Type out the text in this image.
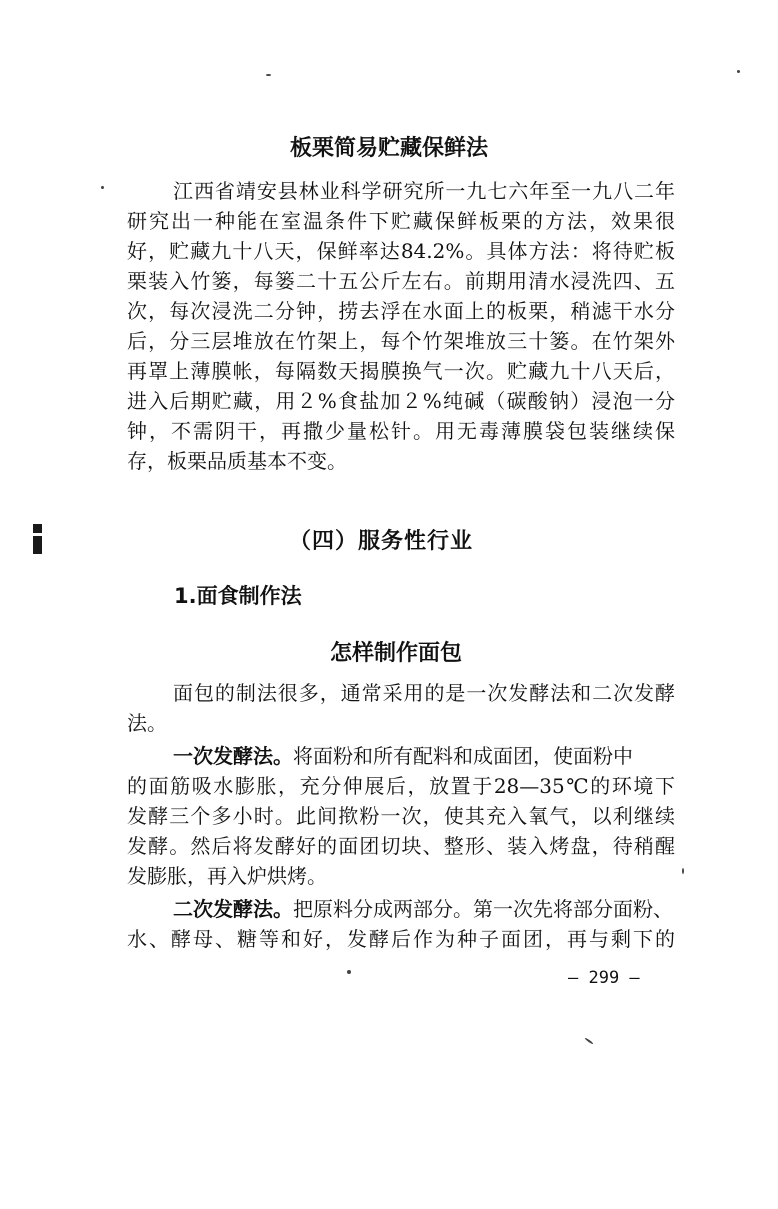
板栗简易贮藏保鲜法
江西省靖安县林业科学研究所一九七六年至一九八二年
研究出一种能在室温条件下贮藏保鲜板栗的方法，效果很
好，贮藏九十八天，保鲜率达84.2%。具体方法：将待贮板
栗装入竹篓，每篓二十五公斤左右。前期用清水浸洗四、五
次，每次浸洗二分钟，捞去浮在水面上的板栗，稍滤干水分
后，分三层堆放在竹架上，每个竹架堆放三十篓。在竹架外
再罩上薄膜帐，每隔数天揭膜换气一次。贮藏九十八天后，
进入后期贮藏，用２%食盐加２%纯碱（碳酸钠）浸泡一分
钟，不需阴干，再撒少量松针。用无毒薄膜袋包装继续保
存，板栗品质基本不变。
（四）服务性行业
1.面食制作法
怎样制作面包
面包的制法很多，通常采用的是一次发酵法和二次发酵
法。
一次发酵法。将面粉和所有配料和成面团，使面粉中
的面筋吸水膨胀，充分伸展后，放置于28—35℃的环境下
发酵三个多小时。此间揿粉一次，使其充入氧气，以利继续
发酵。然后将发酵好的面团切块、整形、装入烤盘，待稍醒
发膨胀，再入炉烘烤。
二次发酵法。把原料分成两部分。第一次先将部分面粉、
水、酵母、糖等和好，发酵后作为种子面团，再与剩下的
— 299 —
